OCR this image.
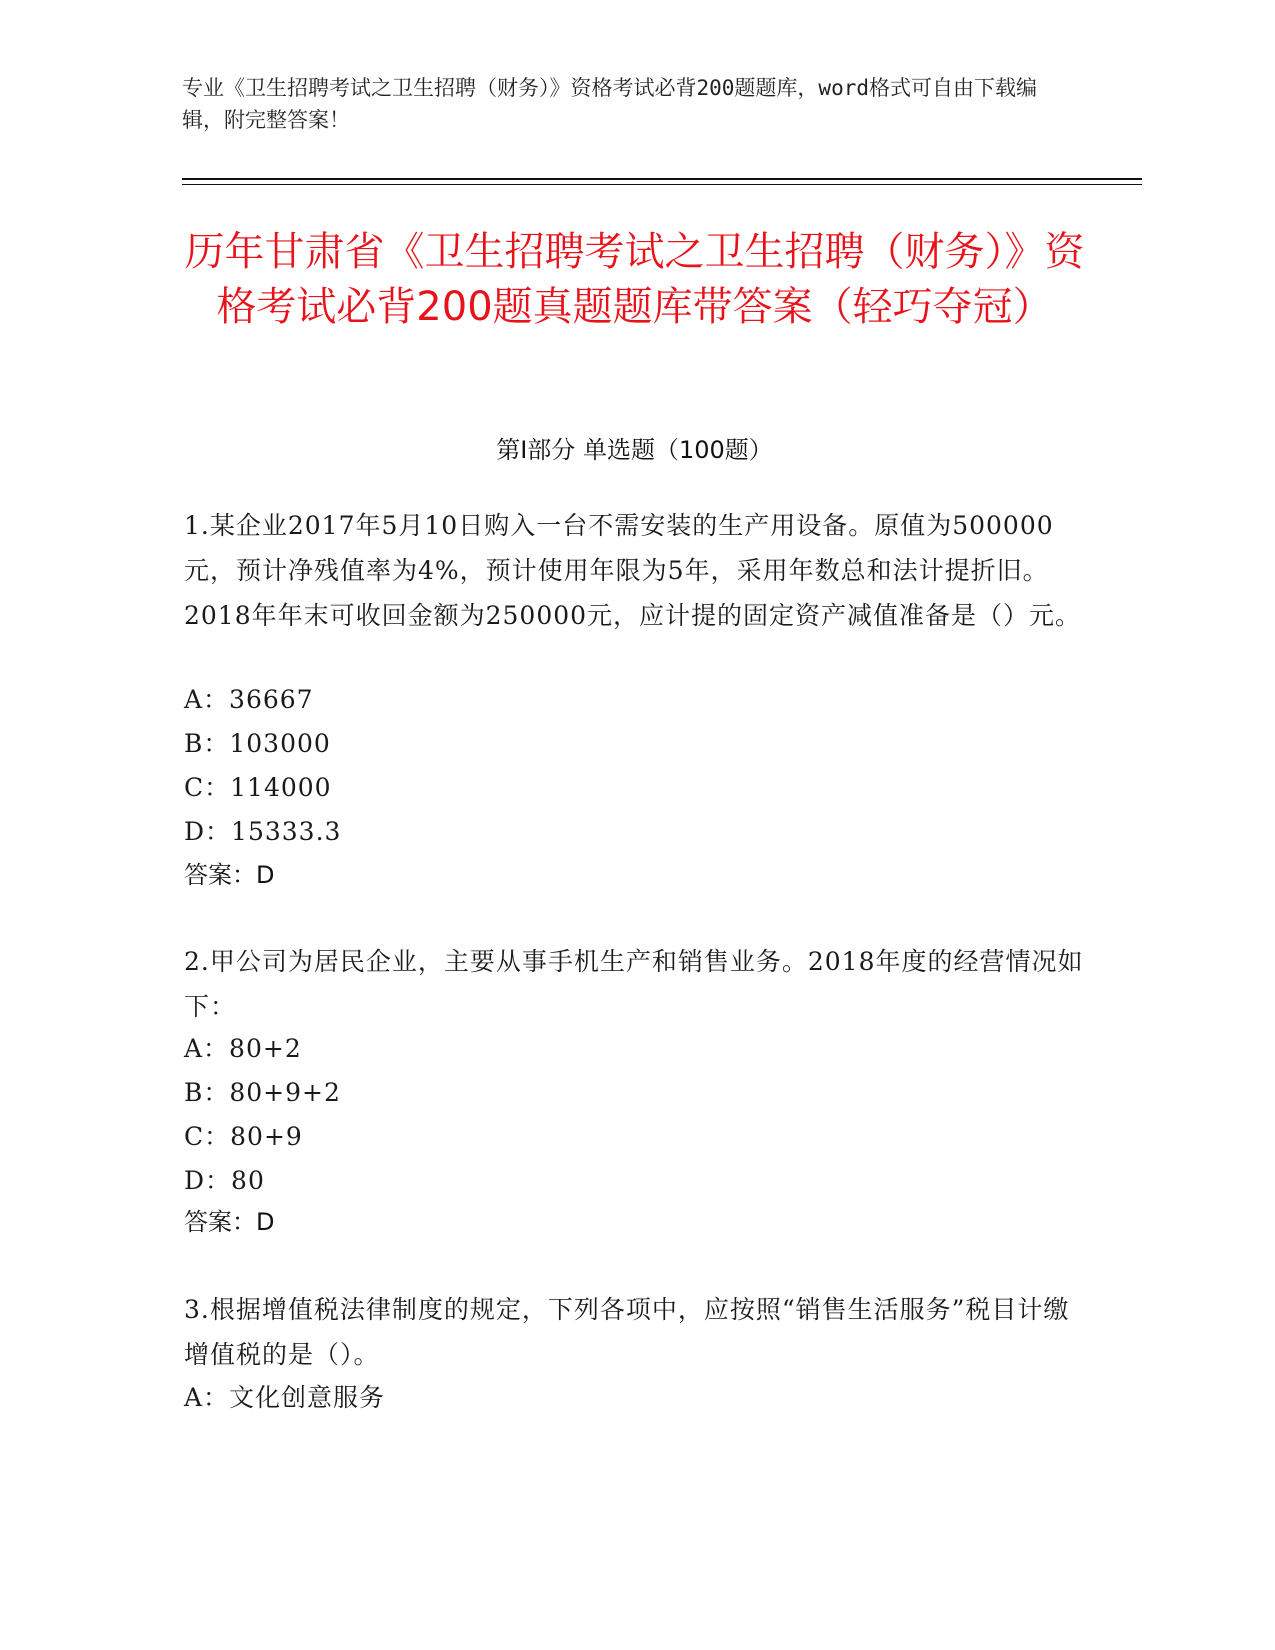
专业《卫生招聘考试之卫生招聘（财务）》资格考试必背200题题库，word格式可自由下载编辑，附完整答案！
历年甘肃省《卫生招聘考试之卫生招聘（财务）》资格考试必背200题真题题库带答案（轻巧夺冠）
第I部分 单选题（100题）
1.某企业2017年5月10日购入一台不需安装的生产用设备。原值为500000元，预计净残值率为4%，预计使用年限为5年，采用年数总和法计提折旧。2018年年末可收回金额为250000元，应计提的固定资产减值准备是（）元。
A：36667
B：103000
C：114000
D：15333.3
答案：D
2.甲公司为居民企业，主要从事手机生产和销售业务。2018年度的经营情况如下：
A：80+2
B：80+9+2
C：80+9
D：80
答案：D
3.根据增值税法律制度的规定，下列各项中，应按照“销售生活服务”税目计缴增值税的是（）。
A：文化创意服务
